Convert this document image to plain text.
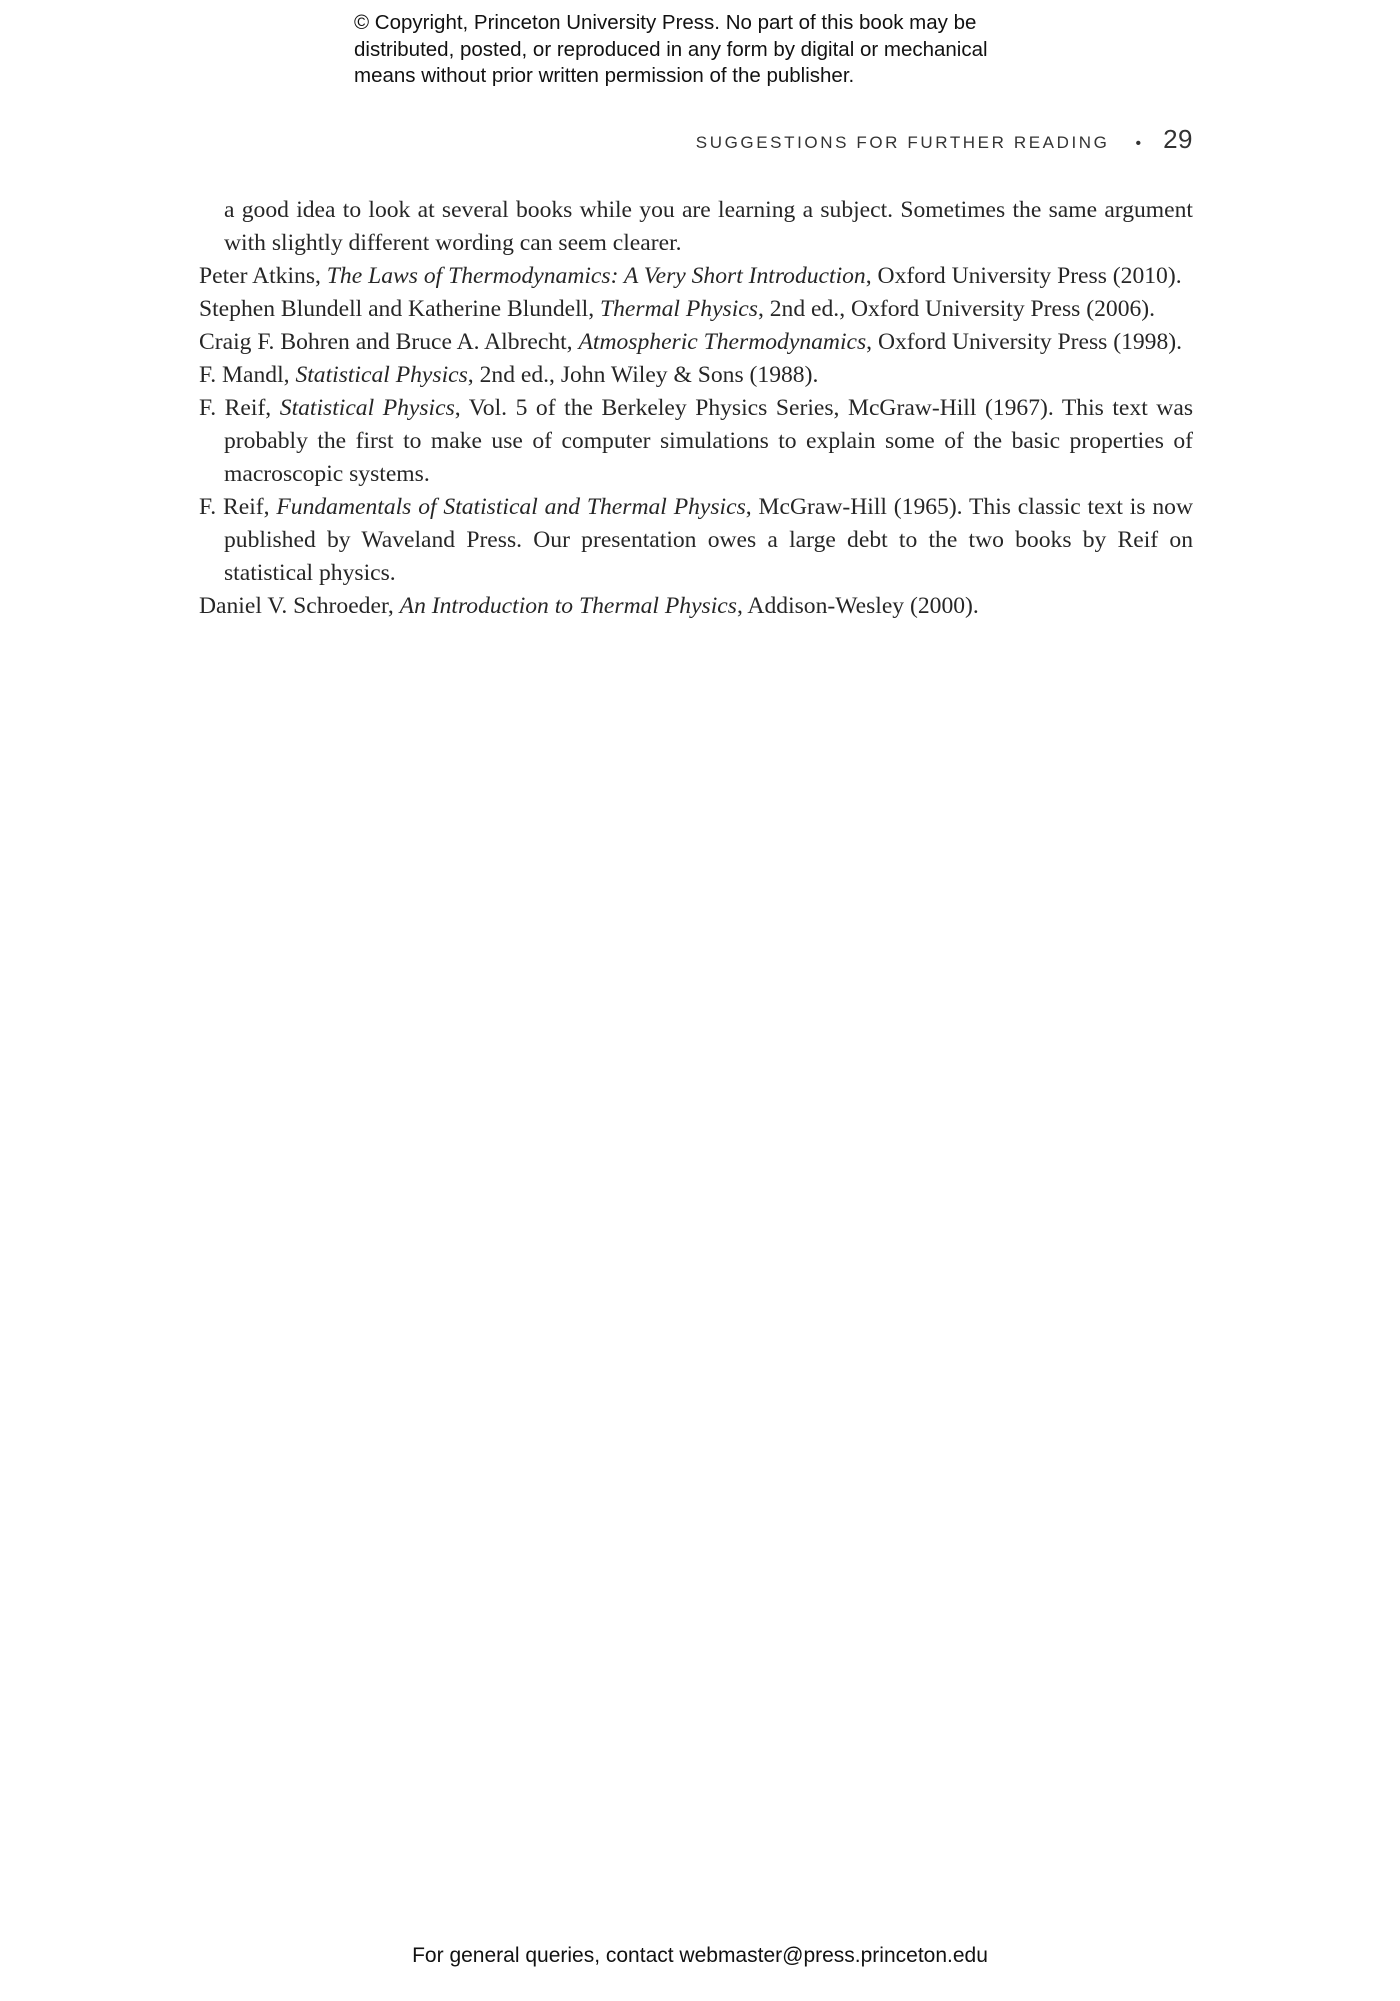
© Copyright, Princeton University Press. No part of this book may be
distributed, posted, or reproduced in any form by digital or mechanical
means without prior written permission of the publisher.
SUGGESTIONS FOR FURTHER READING • 29

a good idea to look at several books while you are learning a subject. Sometimes the same argument with slightly different wording can seem clearer.

Peter Atkins, The Laws of Thermodynamics: A Very Short Introduction, Oxford University Press (2010).

Stephen Blundell and Katherine Blundell, Thermal Physics, 2nd ed., Oxford University Press (2006).

Craig F. Bohren and Bruce A. Albrecht, Atmospheric Thermodynamics, Oxford University Press (1998).

F. Mandl, Statistical Physics, 2nd ed., John Wiley & Sons (1988).

F. Reif, Statistical Physics, Vol. 5 of the Berkeley Physics Series, McGraw-Hill (1967). This text was probably the first to make use of computer simulations to explain some of the basic properties of macroscopic systems.

F. Reif, Fundamentals of Statistical and Thermal Physics, McGraw-Hill (1965). This classic text is now published by Waveland Press. Our presentation owes a large debt to the two books by Reif on statistical physics.

Daniel V. Schroeder, An Introduction to Thermal Physics, Addison-Wesley (2000).

For general queries, contact webmaster@press.princeton.edu
